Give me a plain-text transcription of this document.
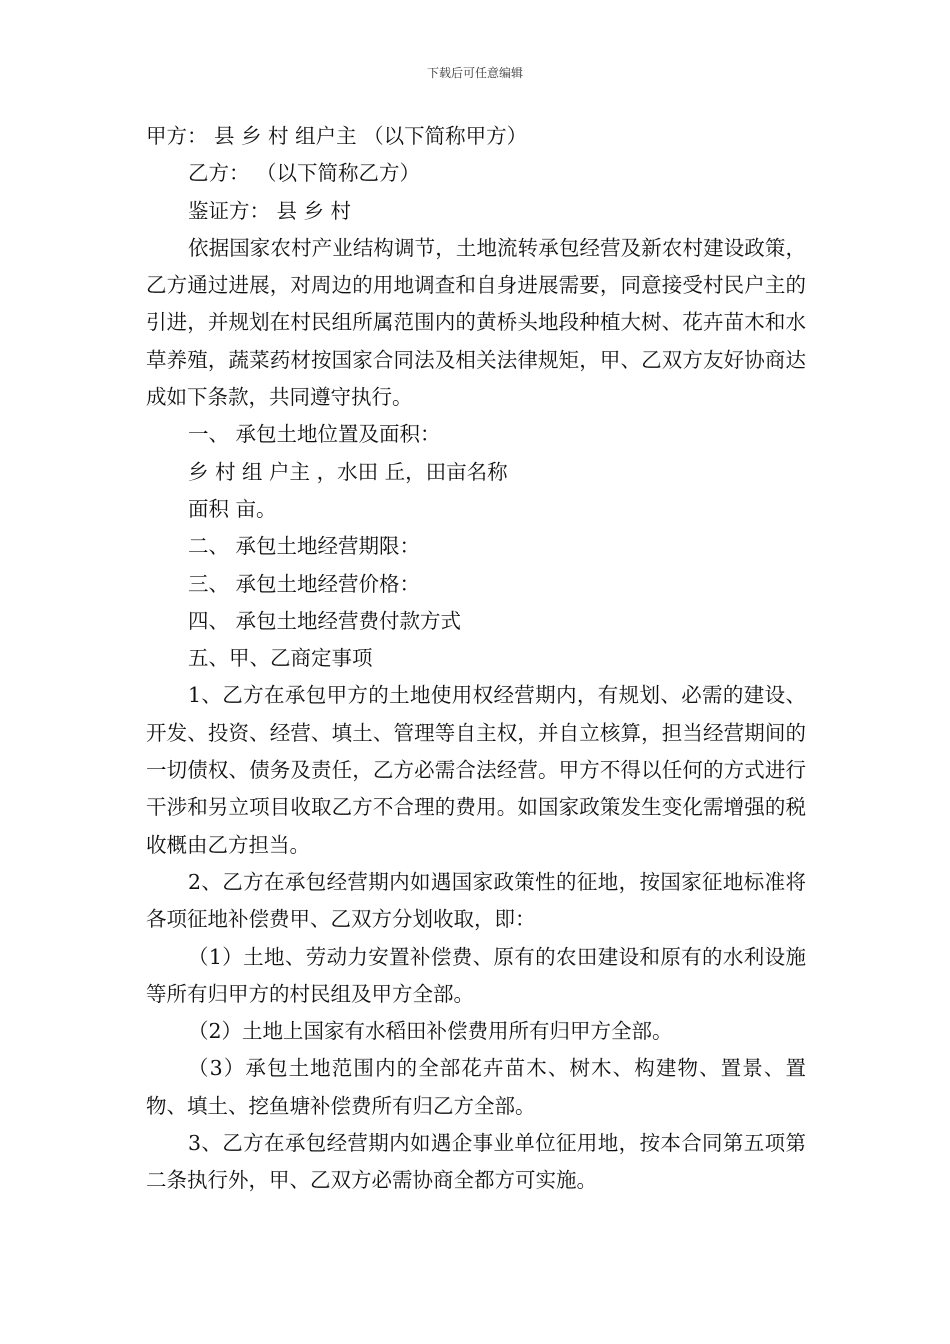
下载后可任意编辑

甲方： 县 乡 村 组户主 （以下简称甲方）

乙方： （以下简称乙方）

鉴证方： 县 乡 村

依据国家农村产业结构调节，土地流转承包经营及新农村建设政策，乙方通过进展，对周边的用地调查和自身进展需要，同意接受村民户主的引进，并规划在村民组所属范围内的黄桥头地段种植大树、花卉苗木和水草养殖，蔬菜药材按国家合同法及相关法律规矩，甲、乙双方友好协商达成如下条款，共同遵守执行。

一、 承包土地位置及面积：

乡 村 组 户主 ，水田 丘，田亩名称

面积 亩。

二、 承包土地经营期限：

三、 承包土地经营价格：

四、 承包土地经营费付款方式

五、甲、乙商定事项

1、乙方在承包甲方的土地使用权经营期内，有规划、必需的建设、开发、投资、经营、填土、管理等自主权，并自立核算，担当经营期间的一切债权、债务及责任，乙方必需合法经营。甲方不得以任何的方式进行干涉和另立项目收取乙方不合理的费用。如国家政策发生变化需增强的税收概由乙方担当。

2、乙方在承包经营期内如遇国家政策性的征地，按国家征地标准将各项征地补偿费甲、乙双方分划收取，即：

（1）土地、劳动力安置补偿费、原有的农田建设和原有的水利设施等所有归甲方的村民组及甲方全部。

（2）土地上国家有水稻田补偿费用所有归甲方全部。

（3）承包土地范围内的全部花卉苗木、树木、构建物、置景、置物、填土、挖鱼塘补偿费所有归乙方全部。

3、乙方在承包经营期内如遇企事业单位征用地，按本合同第五项第二条执行外，甲、乙双方必需协商全都方可实施。
